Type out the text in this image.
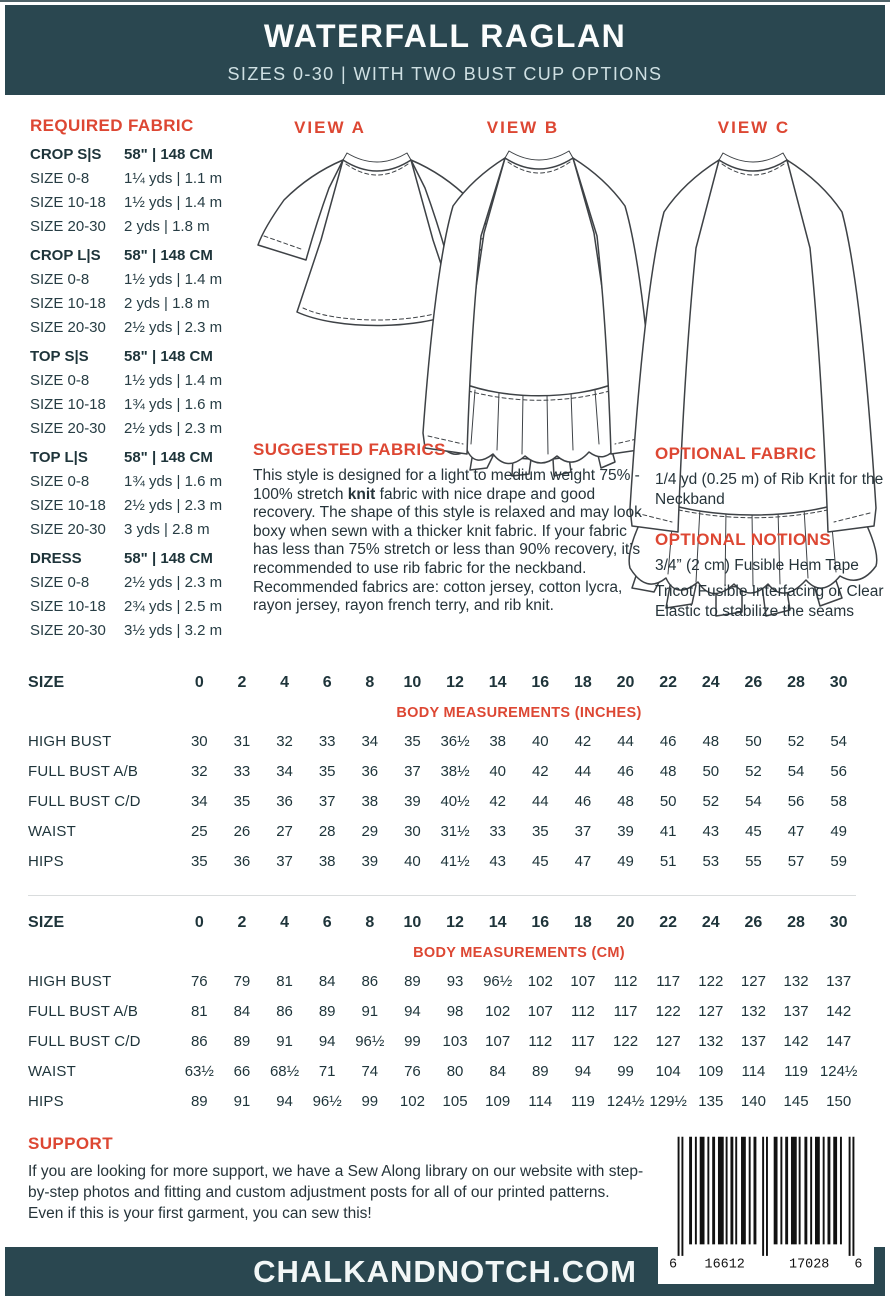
WATERFALL RAGLAN
SIZES 0-30 | WITH TWO BUST CUP OPTIONS
REQUIRED FABRIC
CROP S|S	58" | 148 CM
SIZE 0-8	1¼ yds | 1.1 m
SIZE 10-18	1½ yds | 1.4 m
SIZE 20-30	2 yds | 1.8 m
CROP L|S	58" | 148 CM
SIZE 0-8	1½ yds | 1.4 m
SIZE 10-18	2 yds | 1.8 m
SIZE 20-30	2½ yds | 2.3 m
TOP S|S	58" | 148 CM
SIZE 0-8	1½ yds | 1.4 m
SIZE 10-18	1¾ yds | 1.6 m
SIZE 20-30	2½ yds | 2.3 m
TOP L|S	58" | 148 CM
SIZE 0-8	1¾ yds | 1.6 m
SIZE 10-18	2½ yds | 2.3 m
SIZE 20-30	3 yds | 2.8 m
DRESS	58" | 148 CM
SIZE 0-8	2½ yds | 2.3 m
SIZE 10-18	2¾ yds | 2.5 m
SIZE 20-30	3½ yds | 3.2 m
VIEW A	VIEW B	VIEW C
SUGGESTED FABRICS

This style is designed for a light to medium weight 75% - 100% stretch knit fabric with nice drape and good recovery. The shape of this style is relaxed and may look boxy when sewn with a thicker knit fabric. If your fabric has less than 75% stretch or less than 90% recovery, it’s recommended to use rib fabric for the neckband. Recommended fabrics are: cotton jersey, cotton lycra, rayon jersey, rayon french terry, and rib knit.

OPTIONAL FABRIC

1/4 yd (0.25 m) of Rib Knit for the Neckband

OPTIONAL NOTIONS

3/4” (2 cm) Fusible Hem Tape

Tricot Fusible Interfacing or Clear Elastic to stabilize the seams

SIZE	0	2	4	6	8	10	12	14	16	18	20	22	24	26	28	30
BODY MEASUREMENTS (INCHES)
HIGH BUST	30	31	32	33	34	35	36½	38	40	42	44	46	48	50	52	54
FULL BUST A/B	32	33	34	35	36	37	38½	40	42	44	46	48	50	52	54	56
FULL BUST C/D	34	35	36	37	38	39	40½	42	44	46	48	50	52	54	56	58
WAIST	25	26	27	28	29	30	31½	33	35	37	39	41	43	45	47	49
HIPS	35	36	37	38	39	40	41½	43	45	47	49	51	53	55	57	59
SIZE	0	2	4	6	8	10	12	14	16	18	20	22	24	26	28	30
BODY MEASUREMENTS (CM)
HIGH BUST	76	79	81	84	86	89	93	96½	102	107	112	117	122	127	132	137
FULL BUST A/B	81	84	86	89	91	94	98	102	107	112	117	122	127	132	137	142
FULL BUST C/D	86	89	91	94	96½	99	103	107	112	117	122	127	132	137	142	147
WAIST	63½	66	68½	71	74	76	80	84	89	94	99	104	109	114	119 124½
HIPS	89	91	94	96½	99	102	105	109	114	119 124½ 129½ 135	140	145	150
SUPPORT

If you are looking for more support, we have a Sew Along library on our website with step-by-step photos and fitting and custom adjustment posts for all of our printed patterns. Even if this is your first garment, you can sew this!

CHALKANDNOTCH.COM	6 16612	17028 6
